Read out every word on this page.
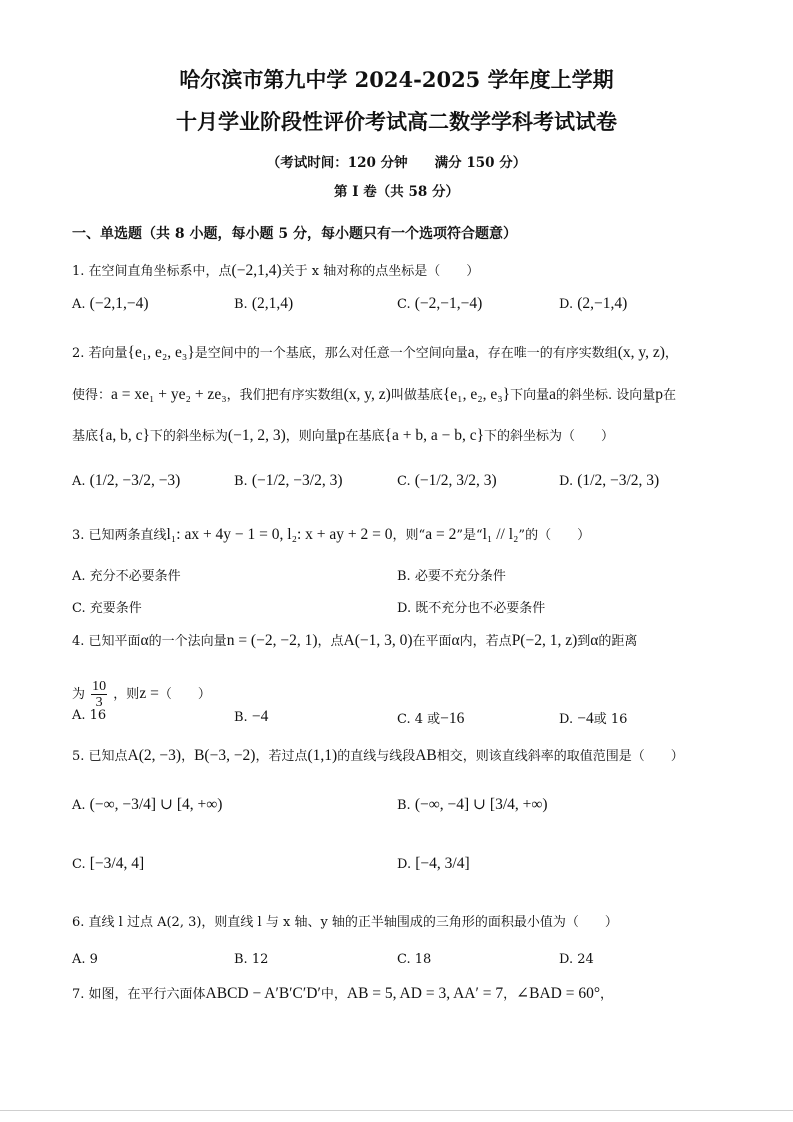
哈尔滨市第九中学 2024-2025 学年度上学期
十月学业阶段性评价考试高二数学学科考试试卷
（考试时间：120 分钟　　满分 150 分）
第 I 卷（共 58 分）
一、单选题（共 8 小题，每小题 5 分，每小题只有一个选项符合题意）
1. 在空间直角坐标系中，点(−2,1,4)关于 x 轴对称的点坐标是（　　）
A. (−2,1,−4)	B. (2,1,4)	C. (−2,−1,−4)	D. (2,−1,4)
2. 若向量{e₁, e₂, e₃}是空间中的一个基底，那么对任意一个空间向量a，存在唯一的有序实数组(x, y, z)，
使得：a = xe₁ + ye₂ + ze₃，我们把有序实数组(x, y, z)叫做基底{e₁, e₂, e₃}下向量a的斜坐标. 设向量p在
基底{a, b, c}下的斜坐标为(−1, 2, 3)，则向量p在基底{a + b, a − b, c}下的斜坐标为（　　）
A. (1/2, −3/2, −3)	B. (−1/2, −3/2, 3)	C. (−1/2, 3/2, 3)	D. (1/2, −3/2, 3)
3. 已知两条直线l₁: ax + 4y − 1 = 0, l₂: x + ay + 2 = 0，则“a = 2”是“l₁ // l₂”的（　　）
A. 充分不必要条件	B. 必要不充分条件
C. 充要条件	D. 既不充分也不必要条件
4. 已知平面α的一个法向量n = (−2, −2, 1)，点A(−1, 3, 0)在平面α内，若点P(−2, 1, z)到α的距离
为 $\frac{10}{3}$ ，则z =（　　）
A. 16	B. −4	C. 4 或−16	D. −4或 16
5. 已知点A(2, −3)，B(−3, −2)，若过点(1,1)的直线与线段AB相交，则该直线斜率的取值范围是（　　）
A. (−∞, −3/4] ∪ [4, +∞)	B. (−∞, −4] ∪ [3/4, +∞)
C. [−3/4, 4]	D. [−4, 3/4]
6. 直线 l 过点 A(2, 3)，则直线 l 与 x 轴、y 轴的正半轴围成的三角形的面积最小值为（　　）
A. 9	B. 12	C. 18	D. 24
7. 如图，在平行六面体ABCD − A′B′C′D′中，AB = 5, AD = 3, AA′ = 7，∠BAD = 60°，
